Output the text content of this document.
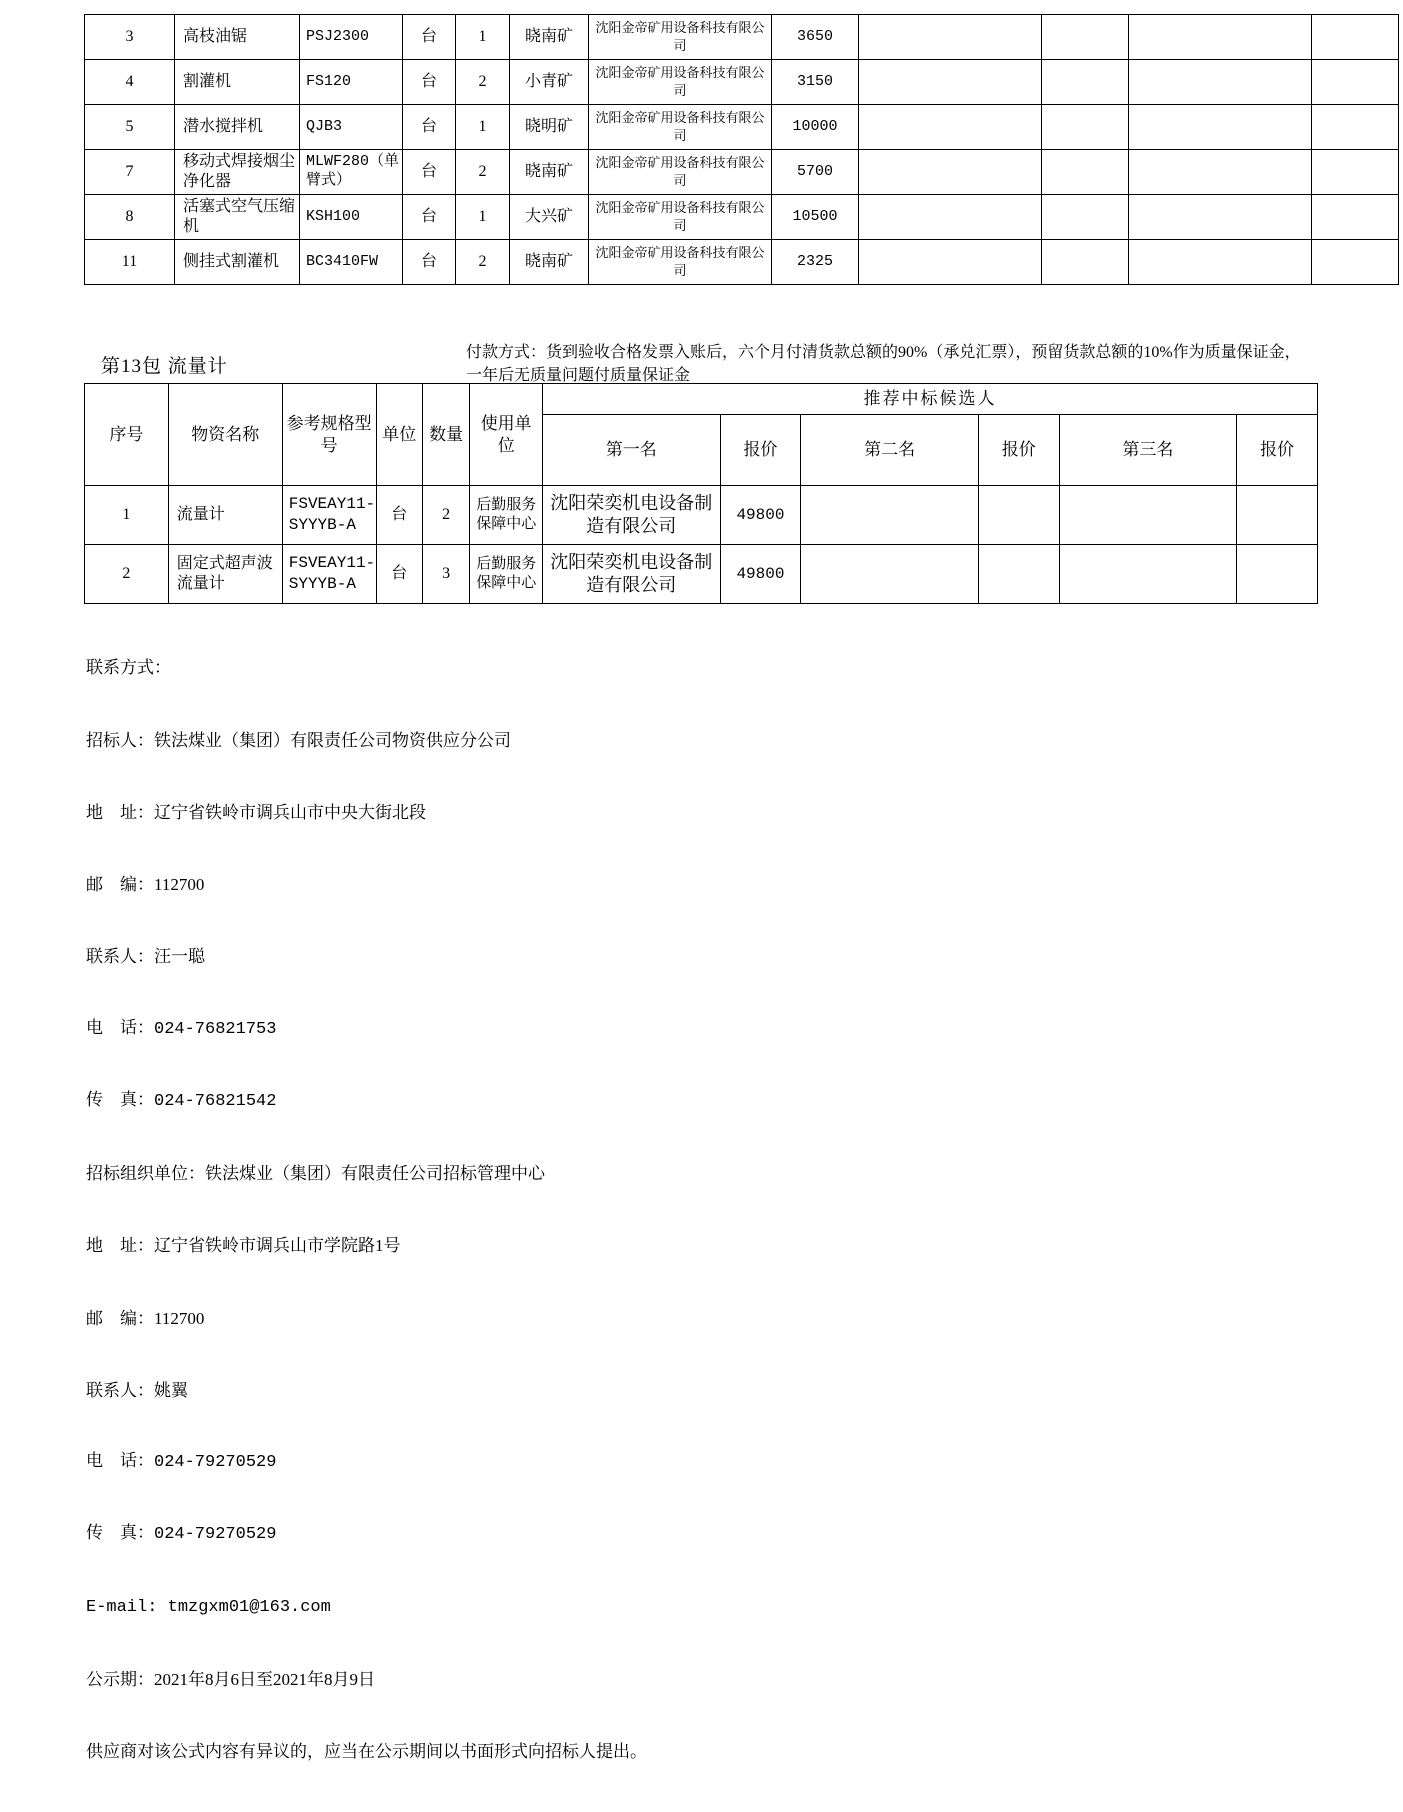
3	高枝油锯	PSJ2300	台	1	晓南矿	沈阳金帝矿用设备科技有限公司	3650				
4	割灌机	FS120	台	2	小青矿	沈阳金帝矿用设备科技有限公司	3150				
5	潜水搅拌机	QJB3	台	1	晓明矿	沈阳金帝矿用设备科技有限公司	10000				
7	移动式焊接烟尘净化器	MLWF280（单臂式）	台	2	晓南矿	沈阳金帝矿用设备科技有限公司	5700				
8	活塞式空气压缩机	KSH100	台	1	大兴矿	沈阳金帝矿用设备科技有限公司	10500				
11	侧挂式割灌机	BC3410FW	台	2	晓南矿	沈阳金帝矿用设备科技有限公司	2325				
付款方式：货到验收合格发票入账后，六个月付清货款总额的90%（承兑汇票），预留货款总额的10%作为质量保证金，一年后无质量问题付质量保证金
第13包 流量计
序号	物资名称	参考规格型号	单位	数量	使用单位	推荐中标候选人					
						第一名	报价	第二名	报价	第三名	报价
1	流量计	FSVEAY11-SYYYB-A	台	2	后勤服务保障中心	沈阳荣奕机电设备制造有限公司	49800				
2	固定式超声波流量计	FSVEAY11-SYYYB-A	台	3	后勤服务保障中心	沈阳荣奕机电设备制造有限公司	49800				

联系方式：

招标人：铁法煤业（集团）有限责任公司物资供应分公司

地　址：辽宁省铁岭市调兵山市中央大街北段

邮　编：112700

联系人：汪一聪

电　话：024-76821753

传　真：024-76821542

招标组织单位：铁法煤业（集团）有限责任公司招标管理中心

地　址：辽宁省铁岭市调兵山市学院路1号

邮　编：112700

联系人：姚翼

电　话：024-79270529

传　真：024-79270529

E-mail: tmzgxm01@163.com

公示期：2021年8月6日至2021年8月9日

供应商对该公式内容有异议的，应当在公示期间以书面形式向招标人提出。
